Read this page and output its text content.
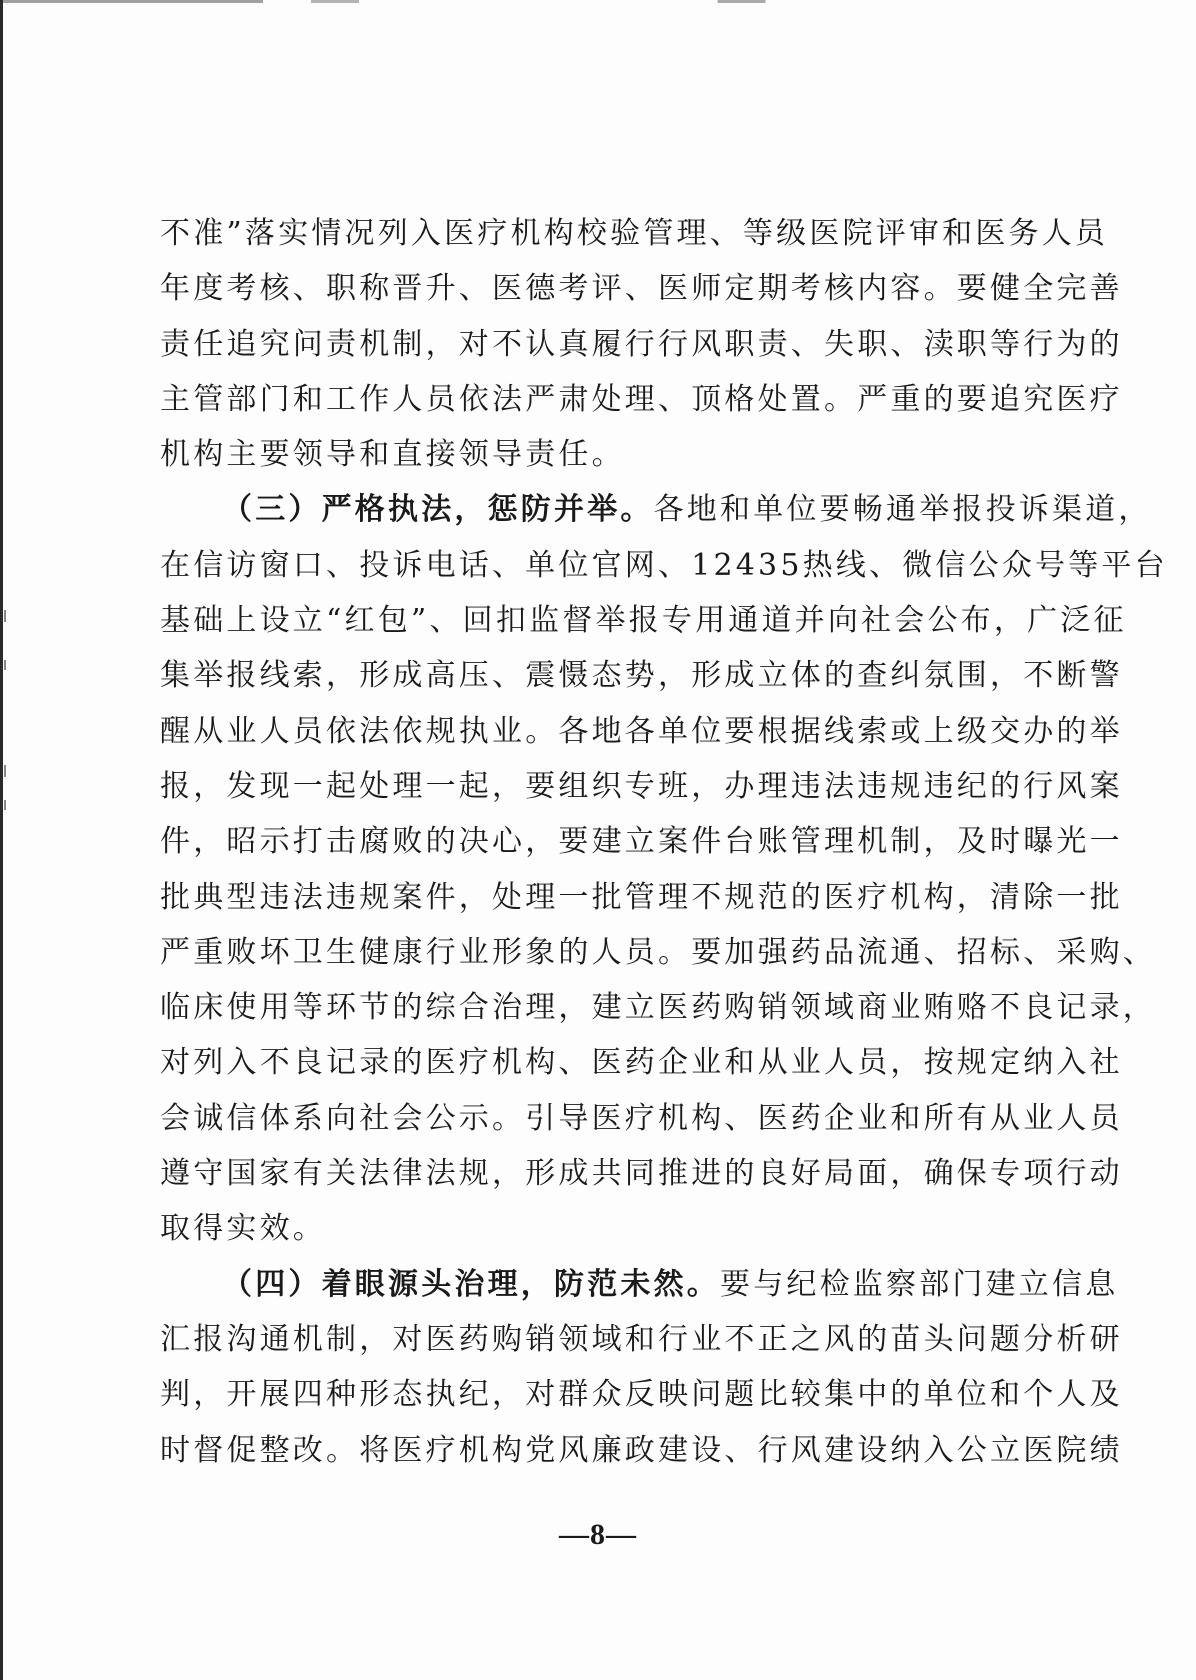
不准”落实情况列入医疗机构校验管理、等级医院评审和医务人员
年度考核、职称晋升、医德考评、医师定期考核内容。要健全完善
责任追究问责机制，对不认真履行行风职责、失职、渎职等行为的
主管部门和工作人员依法严肃处理、顶格处置。严重的要追究医疗
机构主要领导和直接领导责任。
（三）严格执法，惩防并举。各地和单位要畅通举报投诉渠道，
在信访窗口、投诉电话、单位官网、12435热线、微信公众号等平台
基础上设立“红包”、回扣监督举报专用通道并向社会公布，广泛征
集举报线索，形成高压、震慑态势，形成立体的查纠氛围，不断警
醒从业人员依法依规执业。各地各单位要根据线索或上级交办的举
报，发现一起处理一起，要组织专班，办理违法违规违纪的行风案
件，昭示打击腐败的决心，要建立案件台账管理机制，及时曝光一
批典型违法违规案件，处理一批管理不规范的医疗机构，清除一批
严重败坏卫生健康行业形象的人员。要加强药品流通、招标、采购、
临床使用等环节的综合治理，建立医药购销领域商业贿赂不良记录，
对列入不良记录的医疗机构、医药企业和从业人员，按规定纳入社
会诚信体系向社会公示。引导医疗机构、医药企业和所有从业人员
遵守国家有关法律法规，形成共同推进的良好局面，确保专项行动
取得实效。
（四）着眼源头治理，防范未然。要与纪检监察部门建立信息
汇报沟通机制，对医药购销领域和行业不正之风的苗头问题分析研
判，开展四种形态执纪，对群众反映问题比较集中的单位和个人及
时督促整改。将医疗机构党风廉政建设、行风建设纳入公立医院绩
—8—
